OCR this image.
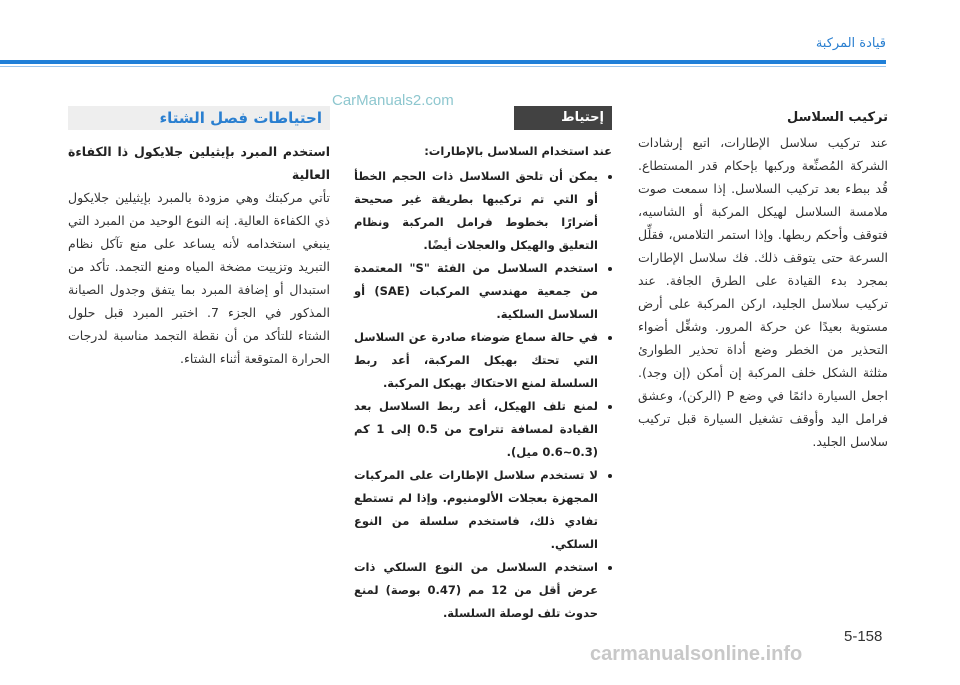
قيادة المركبة
CarManuals2.com
تركيب السلاسل

عند تركيب سلاسل الإطارات، اتبع إرشادات الشركة المُصنِّعة وركبها بإحكام قدر المستطاع. قُد ببطء بعد تركيب السلاسل. إذا سمعت صوت ملامسة السلاسل لهيكل المركبة أو الشاسيه، فتوقف وأحكم ربطها. وإذا استمر التلامس، فقلِّل السرعة حتى يتوقف ذلك. فك سلاسل الإطارات بمجرد بدء القيادة على الطرق الجافة. عند تركيب سلاسل الجليد، اركن المركبة على أرض مستوية بعيدًا عن حركة المرور. وشغِّل أضواء التحذير من الخطر وضع أداة تحذير الطوارئ مثلثة الشكل خلف المركبة إن أمكن (إن وجد). اجعل السيارة دائمًا في وضع P (الركن)، وعشق فرامل اليد وأوقف تشغيل السيارة قبل تركيب سلاسل الجليد.

إحتياط

عند استخدام السلاسل بالإطارات:

• يمكن أن تلحق السلاسل ذات الحجم الخطأ أو التي تم تركيبها بطريقة غير صحيحة أضرارًا بخطوط فرامل المركبة ونظام التعليق والهيكل والعجلات أيضًا.
• استخدم السلاسل من الفئة "S" المعتمدة من جمعية مهندسي المركبات (SAE) أو السلاسل السلكية.
• في حالة سماع ضوضاء صادرة عن السلاسل التي تحتك بهيكل المركبة، أعد ربط السلسلة لمنع الاحتكاك بهيكل المركبة.
• لمنع تلف الهيكل، أعد ربط السلاسل بعد القيادة لمسافة تتراوح من 0.5 إلى 1 كم (0.3~0.6 ميل).
• لا تستخدم سلاسل الإطارات على المركبات المجهزة بعجلات الألومنيوم. وإذا لم تستطع تفادي ذلك، فاستخدم سلسلة من النوع السلكي.
• استخدم السلاسل من النوع السلكي ذات عرض أقل من 12 مم (0.47 بوصة) لمنع حدوث تلف لوصلة السلسلة.
احتياطات فصل الشتاء
استخدم المبرد بإيثيلين جلايكول ذا الكفاءة العالية

تأتي مركبتك وهي مزودة بالمبرد بإيثيلين جلايكول ذي الكفاءة العالية. إنه النوع الوحيد من المبرد التي ينبغي استخدامه لأنه يساعد على منع تآكل نظام التبريد وتزييت مضخة المياه ومنع التجمد. تأكد من استبدال أو إضافة المبرد بما يتفق وجدول الصيانة المذكور في الجزء 7. اختبر المبرد قبل حلول الشتاء للتأكد من أن نقطة التجمد مناسبة لدرجات الحرارة المتوقعة أثناء الشتاء.

5-158
carmanualsonline.info
